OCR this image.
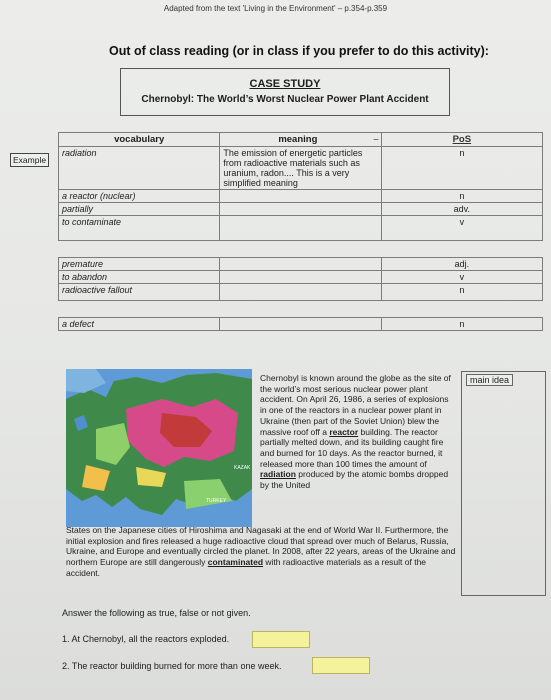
Adapted from the text 'Living in the Environment' – p.354-p.359
Out of class reading (or in class if you prefer to do this activity):
CASE STUDY
Chernobyl: The World’s Worst Nuclear Power Plant Accident
Example
vocabulary	meaning –	PoS
radiation	The emission of energetic particles from radioactive materials such as uranium, radon.... This is a very simplified meaning	n
a reactor (nuclear)		n
partially		adv.
to contaminate		v

premature		adj.
to abandon		v
radioactive fallout		n

a defect		n
TURKEY
KAZAK
Chernobyl is known around the globe as the site of the world’s most serious nuclear power plant accident. On April 26, 1986, a series of explosions in one of the reactors in a nuclear power plant in Ukraine (then part of the Soviet Union) blew the massive roof off a reactor building. The reactor partially melted down, and its building caught fire and burned for 10 days. As the reactor burned, it released more than 100 times the amount of radiation produced by the atomic bombs dropped by the United
States on the Japanese cities of Hiroshima and Nagasaki at the end of World War II. Furthermore, the initial explosion and fires released a huge radioactive cloud that spread over much of Belarus, Russia, Ukraine, and Europe and eventually circled the planet. In 2008, after 22 years, areas of the Ukraine and northern Europe are still dangerously contaminated with radioactive materials as a result of the accident.
main idea
Answer the following as true, false or not given.
1. At Chernobyl, all the reactors exploded.
2. The reactor building burned for more than one week.
